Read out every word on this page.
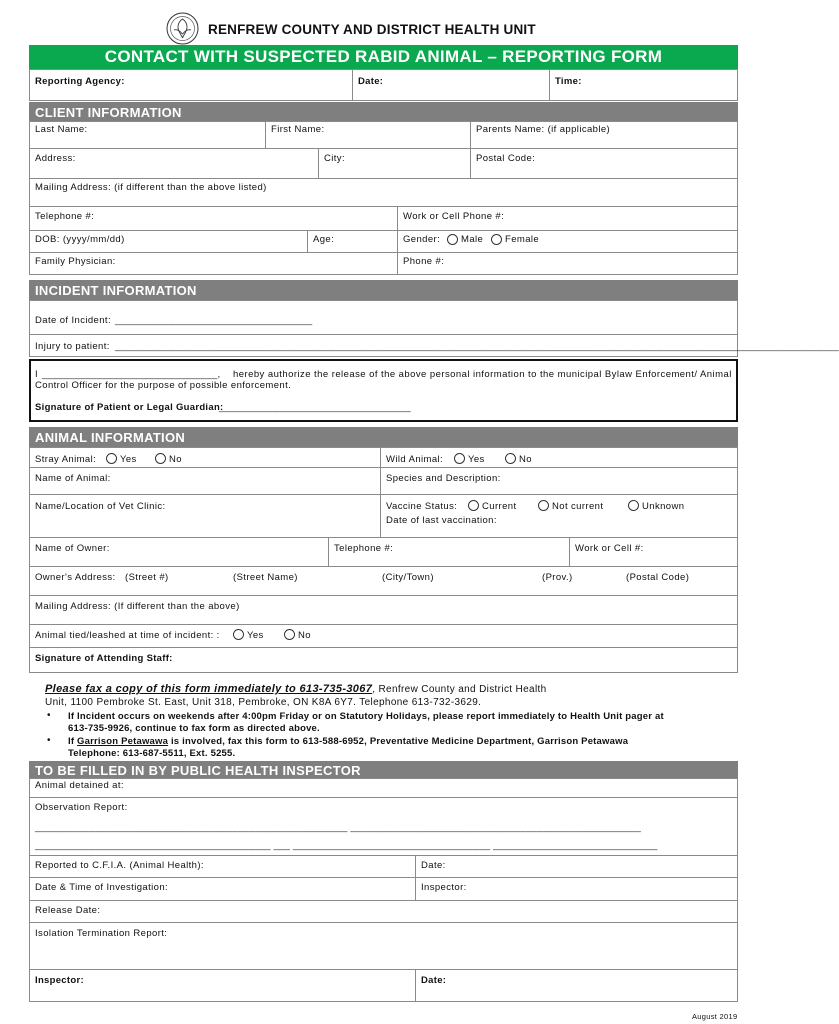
RENFREW COUNTY AND DISTRICT HEALTH UNIT
CONTACT WITH SUSPECTED RABID ANIMAL – REPORTING FORM
Reporting Agency:	Date:	Time:
CLIENT INFORMATION
Last Name:	First Name:	Parents Name: (if applicable)
Address:	City:	Postal Code:
Mailing Address: (if different than the above listed)
Telephone #:	Work or Cell Phone #:
DOB: (yyyy/mm/dd)	Age:	Gender: Male Female
Family Physician:	Phone #:
INCIDENT INFORMATION
Date of Incident: ____________________________________
Injury to patient: ____________________________________________________________________________________________________________________________________
I ________________________________,	hereby authorize the release of the above personal information to the municipal Bylaw Enforcement/ Animal
Control Officer for the purpose of possible enforcement.
Signature of Patient or Legal Guardian:
___________________________________
ANIMAL INFORMATION
Stray Animal:	Yes	No	Wild Animal:	Yes	No
Name of Animal:	Species and Description:
Name/Location of Vet Clinic:	Vaccine Status:	Current	Not current	Unknown
Date of last vaccination:
Name of Owner:	Telephone #:	Work or Cell #:
Owner's Address: (Street #)	(Street Name)	(City/Town)	(Prov.)	(Postal Code)
Mailing Address: (If different than the above)
Animal tied/leashed at time of incident: :	Yes	No
Signature of Attending Staff:
Please fax a copy of this form immediately to 613-735-3067, Renfrew County and District Health
Unit, 1100 Pembroke St. East, Unit 318, Pembroke, ON K8A 6Y7. Telephone 613-732-3629.
• If Incident occurs on weekends after 4:00pm Friday or on Statutory Holidays, please report immediately to Health Unit pager at
613-735-9926, continue to fax form as directed above.
• If Garrison Petawawa is involved, fax this form to 613-588-6952, Preventative Medicine Department, Garrison Petawawa
Telephone: 613-687-5511, Ext. 5255.
TO BE FILLED IN BY PUBLIC HEALTH INSPECTOR
Animal detained at:
Observation Report:
_________________________________________________________ _____________________________________________________
___________________________________________ ___ ____________________________________ ______________________________
Reported to C.F.I.A. (Animal Health):	Date:
Date & Time of Investigation:	Inspector:
Release Date:
Isolation Termination Report:
Inspector:	Date:
August 2019
